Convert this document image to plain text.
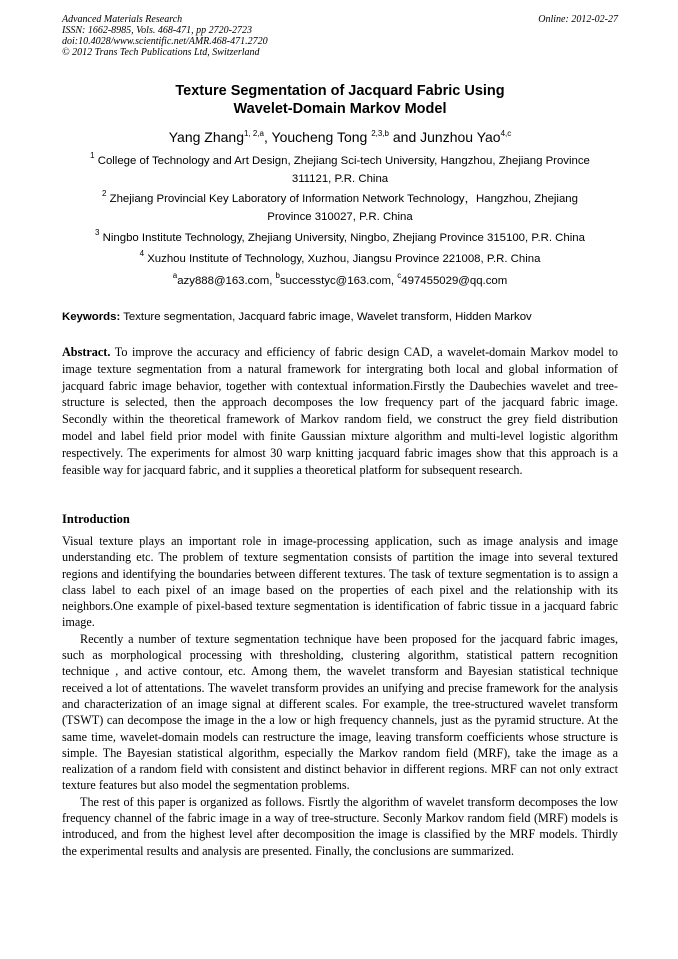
Advanced Materials Research
ISSN: 1662-8985, Vols. 468-471, pp 2720-2723
doi:10.4028/www.scientific.net/AMR.468-471.2720
© 2012 Trans Tech Publications Ltd, Switzerland
Online: 2012-02-27
Texture Segmentation of Jacquard Fabric Using
Wavelet-Domain Markov Model
Yang Zhang$^{1, 2,a}$, Youcheng Tong $^{2,3,b}$ and Junzhou Yao$^{4,c}$
$^1$ College of Technology and Art Design, Zhejiang Sci-tech University, Hangzhou, Zhejiang Province
311121, P.R. China
$^2$ Zhejiang Provincial Key Laboratory of Information Network Technology，Hangzhou, Zhejiang
Province 310027, P.R. China
$^3$ Ningbo Institute Technology, Zhejiang University, Ningbo, Zhejiang Province 315100, P.R. China
$^4$ Xuzhou Institute of Technology, Xuzhou, Jiangsu Province 221008, P.R. China
$^a$azy888@163.com, $^b$successtyc@163.com, $^c$497455029@qq.com
Keywords: Texture segmentation, Jacquard fabric image, Wavelet transform, Hidden Markov
Abstract. To improve the accuracy and efficiency of fabric design CAD, a wavelet-domain Markov model to image texture segmentation from a natural framework for intergrating both local and global information of jacquard fabric image behavior, together with contextual information.Firstly the Daubechies wavelet and tree-structure is selected, then the approach decomposes the low frequency part of the jacquard fabric image. Secondly within the theoretical framework of Markov random field, we construct the grey field distribution model and label field prior model with finite Gaussian mixture algorithm and multi-level logistic algorithm respectively. The experiments for almost 30 warp knitting jacquard fabric images show that this approach is a feasible way for jacquard fabric, and it supplies a theoretical platform for subsequent research.
Introduction

Visual texture plays an important role in image-processing application, such as image analysis and image understanding etc. The problem of texture segmentation consists of partition the image into several textured regions and identifying the boundaries between different textures. The task of texture segmentation is to assign a class label to each pixel of an image based on the properties of each pixel and the relationship with its neighbors.One example of pixel-based texture segmentation is identification of fabric tissue in a jacquard fabric image.

Recently a number of texture segmentation technique have been proposed for the jacquard fabric images, such as morphological processing with thresholding, clustering algorithm, statistical pattern recognition technique , and active contour, etc. Among them, the wavelet transform and Bayesian statistical technique received a lot of attentations. The wavelet transform provides an unifying and precise framework for the analysis and characterization of an image signal at different scales. For example, the tree-structured wavelet transform (TSWT) can decompose the image in the a low or high frequency channels, just as the pyramid structure. At the same time, wavelet-domain models can restructure the image, leaving transform coefficients whose structure is simple. The Bayesian statistical algorithm, especially the Markov random field (MRF), take the image as a realization of a random field with consistent and distinct behavior in different regions. MRF can not only extract texture features but also model the segmentation problems.

The rest of this paper is organized as follows. Fisrtly the algorithm of wavelet transform decomposes the low frequency channel of the fabric image in a way of tree-structure. Seconly Markov random field (MRF) models is introduced, and from the highest level after decomposition the image is classified by the MRF models. Thirdly the experimental results and analysis are presented. Finally, the conclusions are summarized.
